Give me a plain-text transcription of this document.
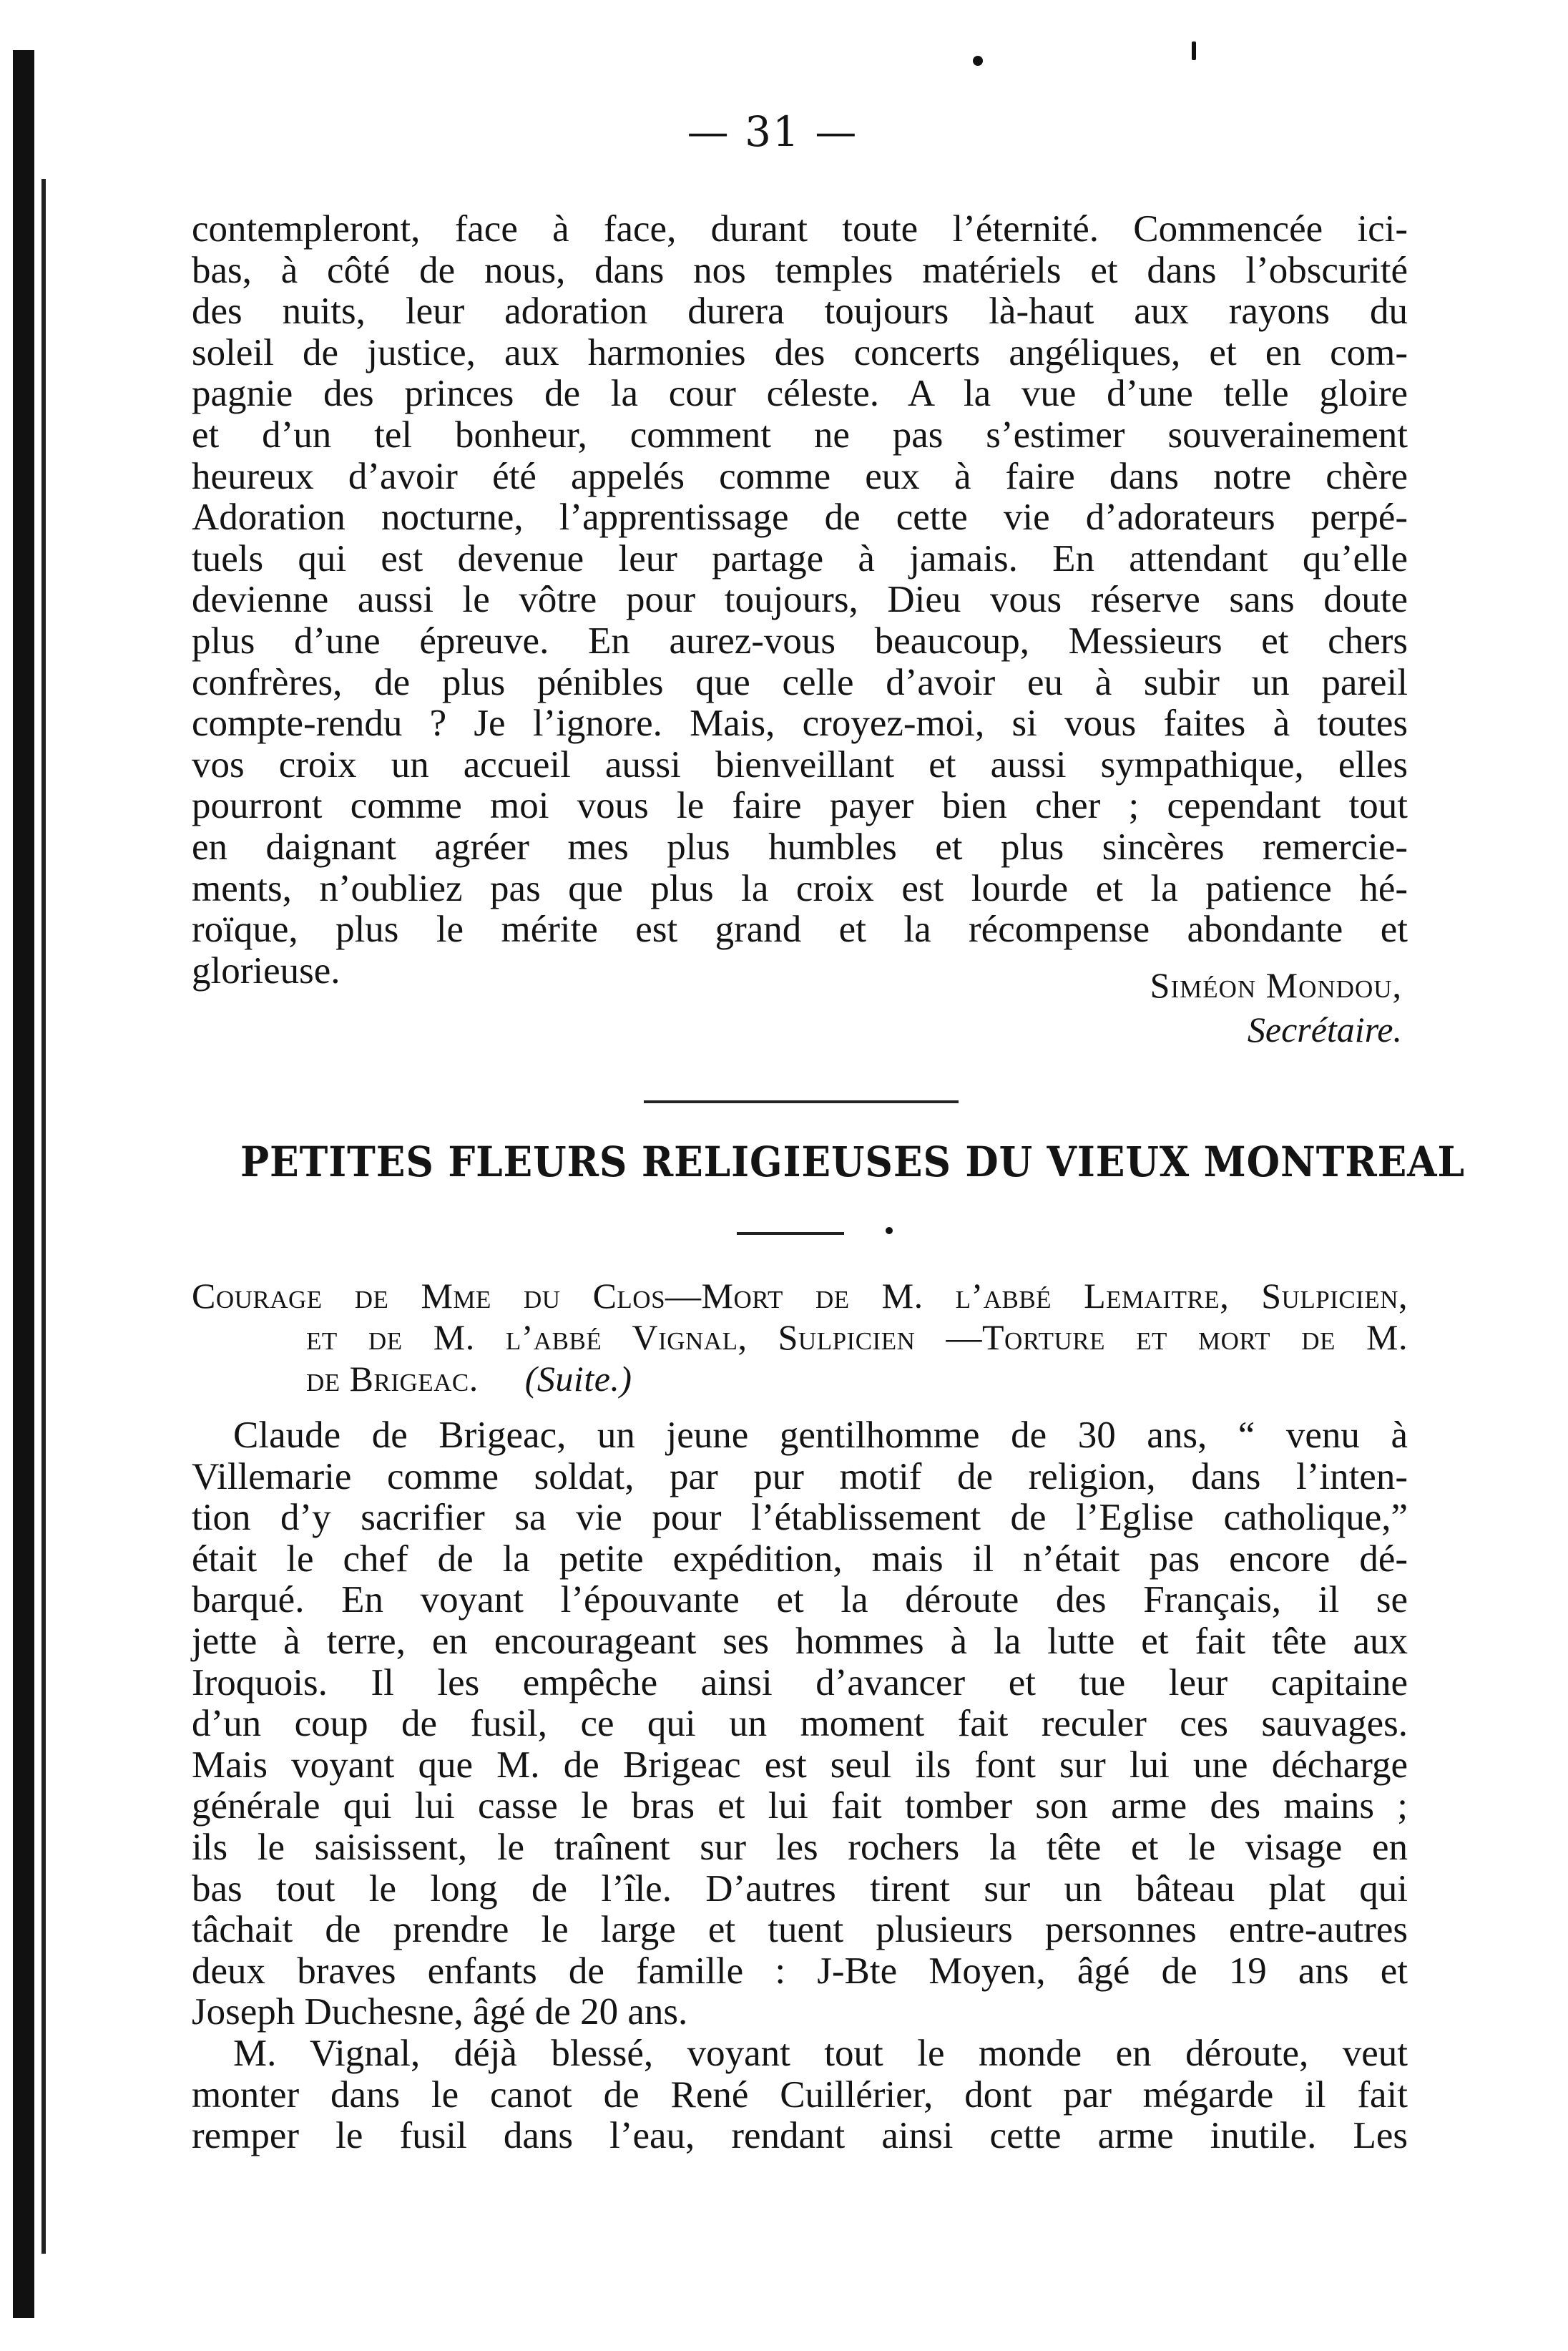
— 31 —
contempleront, face à face, durant toute l’éternité. Commencée ici-
bas, à côté de nous, dans nos temples matériels et dans l’obscurité
des nuits, leur adoration durera toujours là-haut aux rayons du
soleil de justice, aux harmonies des concerts angéliques, et en com-
pagnie des princes de la cour céleste. A la vue d’une telle gloire
et d’un tel bonheur, comment ne pas s’estimer souverainement
heureux d’avoir été appelés comme eux à faire dans notre chère
Adoration nocturne, l’apprentissage de cette vie d’adorateurs perpé-
tuels qui est devenue leur partage à jamais. En attendant qu’elle
devienne aussi le vôtre pour toujours, Dieu vous réserve sans doute
plus d’une épreuve. En aurez-vous beaucoup, Messieurs et chers
confrères, de plus pénibles que celle d’avoir eu à subir un pareil
compte-rendu ? Je l’ignore. Mais, croyez-moi, si vous faites à toutes
vos croix un accueil aussi bienveillant et aussi sympathique, elles
pourront comme moi vous le faire payer bien cher ; cependant tout
en daignant agréer mes plus humbles et plus sincères remercie-
ments, n’oubliez pas que plus la croix est lourde et la patience hé-
roïque, plus le mérite est grand et la récompense abondante et
glorieuse.	Siméon Mondou,
Secrétaire.
PETITES FLEURS RELIGIEUSES DU VIEUX MONTREAL
Courage de Mme du Clos—Mort de M. l’abbé Lemaitre, Sulpicien,
et de M. l’abbé Vignal, Sulpicien —Torture et mort de M.
de Brigeac. (Suite.)
Claude de Brigeac, un jeune gentilhomme de 30 ans, “ venu à
Villemarie comme soldat, par pur motif de religion, dans l’inten-
tion d’y sacrifier sa vie pour l’établissement de l’Eglise catholique,”
était le chef de la petite expédition, mais il n’était pas encore dé-
barqué. En voyant l’épouvante et la déroute des Français, il se
jette à terre, en encourageant ses hommes à la lutte et fait tête aux
Iroquois. Il les empêche ainsi d’avancer et tue leur capitaine
d’un coup de fusil, ce qui un moment fait reculer ces sauvages.
Mais voyant que M. de Brigeac est seul ils font sur lui une décharge
générale qui lui casse le bras et lui fait tomber son arme des mains ;
ils le saisissent, le traînent sur les rochers la tête et le visage en
bas tout le long de l’île. D’autres tirent sur un bâteau plat qui
tâchait de prendre le large et tuent plusieurs personnes entre-autres
deux braves enfants de famille : J-Bte Moyen, âgé de 19 ans et
Joseph Duchesne, âgé de 20 ans.
M. Vignal, déjà blessé, voyant tout le monde en déroute, veut
monter dans le canot de René Cuillérier, dont par mégarde il fait
remper le fusil dans l’eau, rendant ainsi cette arme inutile. Les
